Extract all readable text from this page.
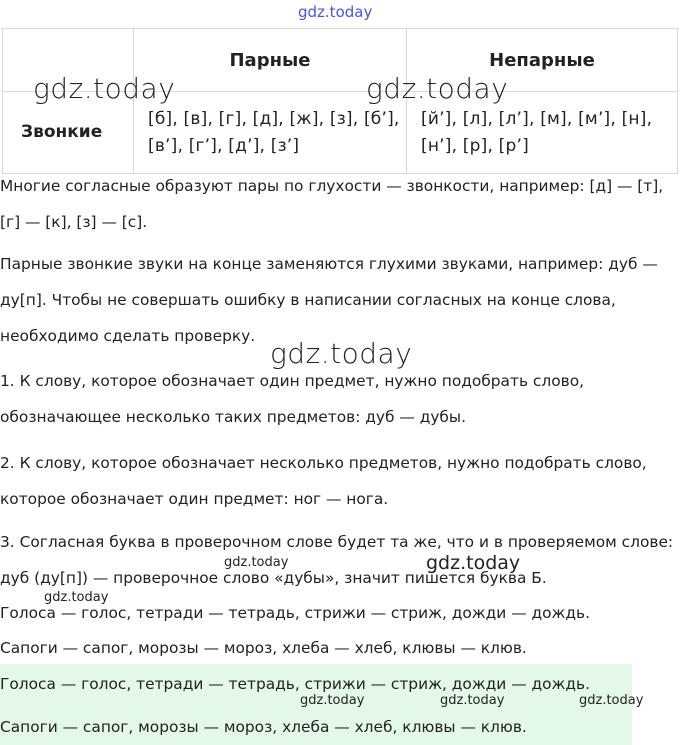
gdz.today
	Парные	Непарные
Звонкие	[б], [в], [г], [д], [ж], [з], [б’], [в’], [г’], [д’], [з’]	[й’], [л], [л’], [м], [м’], [н], [н’], [р], [р’]
gdz.today	gdz.today
Многие согласные образуют пары по глухости — звонкости, например: [д] — [т], [г] — [к], [з] — [с].
Парные звонкие звуки на конце заменяются глухими звуками, например: дуб — ду[п]. Чтобы не совершать ошибку в написании согласных на конце слова, необходимо сделать проверку.
gdz.today
1. К слову, которое обозначает один предмет, нужно подобрать слово, обозначающее несколько таких предметов: дуб — дубы.
2. К слову, которое обозначает несколько предметов, нужно подобрать слово, которое обозначает один предмет: ног — нога.
3. Согласная буква в проверочном слове будет та же, что и в проверяемом слове: дуб (ду[п]) — проверочное слово «дубы», значит пишется буква Б.
gdz.today
gdz.today
gdz.today
Голоса — голос, тетради — тетрадь, стрижи — стриж, дожди — дождь.
Сапоги — сапог, морозы — мороз, хлеба — хлеб, клювы — клюв.
Голоса — голос, тетради — тетрадь, стрижи — стриж, дожди — дождь.
gdz.today	gdz.today	gdz.today
Сапоги — сапог, морозы — мороз, хлеба — хлеб, клювы — клюв.
